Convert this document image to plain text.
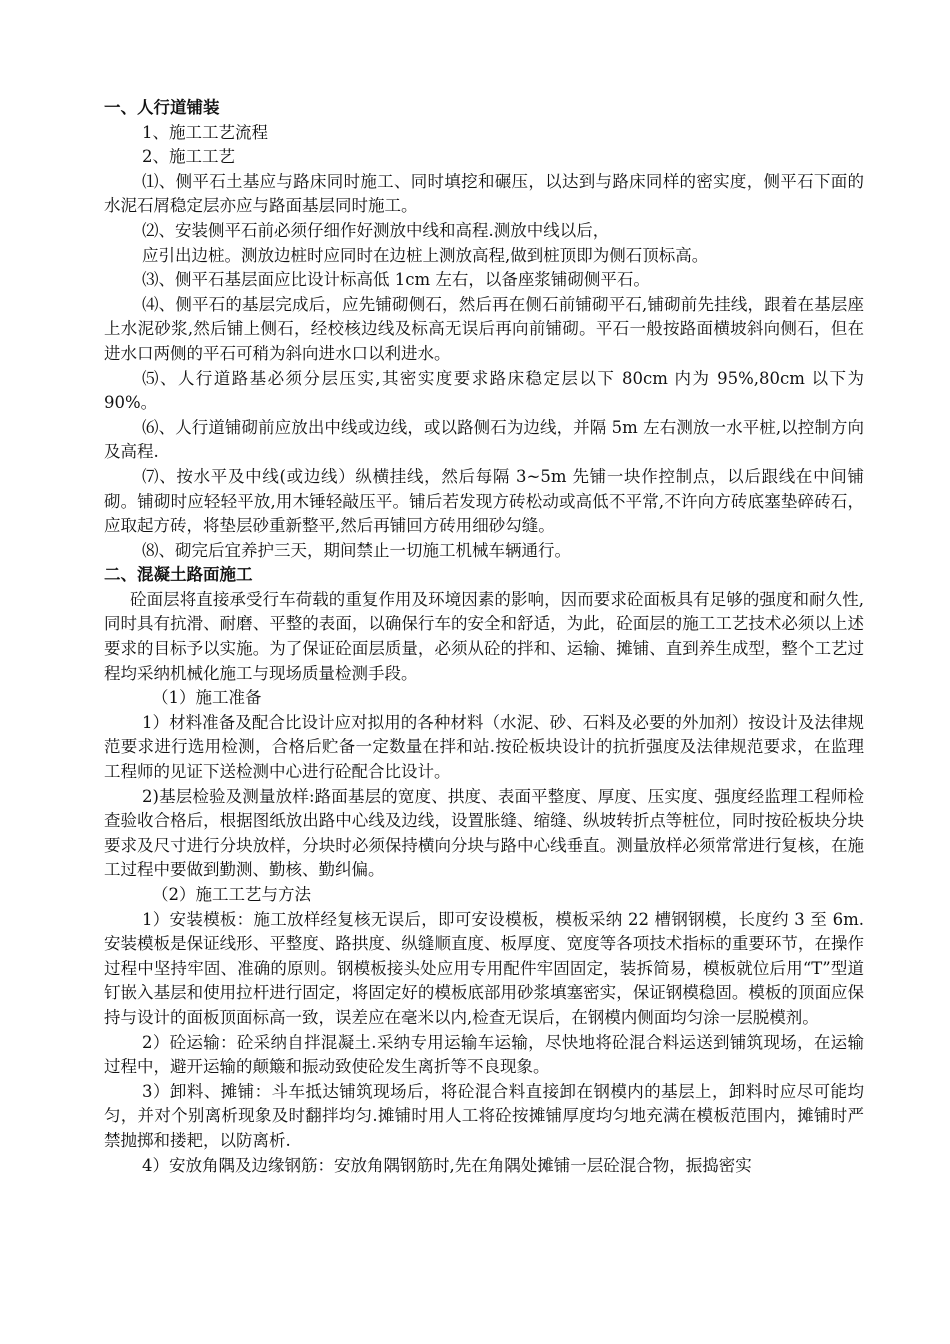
一、人行道铺装

1、施工工艺流程

2、施工工艺

⑴、侧平石土基应与路床同时施工、同时填挖和碾压，以达到与路床同样的密实度，侧平石下面的水泥石屑稳定层亦应与路面基层同时施工。

⑵、安装侧平石前必须仔细作好测放中线和高程.测放中线以后，

应引出边桩。测放边桩时应同时在边桩上测放高程,做到桩顶即为侧石顶标高。

⑶、侧平石基层面应比设计标高低 1cm 左右，以备座浆铺砌侧平石。

⑷、侧平石的基层完成后，应先铺砌侧石，然后再在侧石前铺砌平石,铺砌前先挂线，跟着在基层座上水泥砂浆,然后铺上侧石，经校核边线及标高无误后再向前铺砌。平石一般按路面横坡斜向侧石，但在进水口两侧的平石可稍为斜向进水口以利进水。

⑸、人行道路基必须分层压实,其密实度要求路床稳定层以下 80cm 内为 95%,80cm 以下为 90%。

⑹、人行道铺砌前应放出中线或边线，或以路侧石为边线，并隔 5m 左右测放一水平桩,以控制方向及高程.

⑺、按水平及中线(或边线）纵横挂线，然后每隔 3~5m 先铺一块作控制点，以后跟线在中间铺砌。铺砌时应轻轻平放,用木锤轻敲压平。铺后若发现方砖松动或高低不平常,不许向方砖底塞垫碎砖石，应取起方砖，将垫层砂重新整平,然后再铺回方砖用细砂勾缝。

⑻、砌完后宜养护三天，期间禁止一切施工机械车辆通行。

二、混凝土路面施工

砼面层将直接承受行车荷载的重复作用及环境因素的影响，因而要求砼面板具有足够的强度和耐久性,同时具有抗滑、耐磨、平整的表面，以确保行车的安全和舒适，为此，砼面层的施工工艺技术必须以上述要求的目标予以实施。为了保证砼面层质量，必须从砼的拌和、运输、摊铺、直到养生成型，整个工艺过程均采纳机械化施工与现场质量检测手段。

（1）施工准备

1）材料准备及配合比设计应对拟用的各种材料（水泥、砂、石料及必要的外加剂）按设计及法律规范要求进行选用检测，合格后贮备一定数量在拌和站.按砼板块设计的抗折强度及法律规范要求，在监理工程师的见证下送检测中心进行砼配合比设计。

2)基层检验及测量放样:路面基层的宽度、拱度、表面平整度、厚度、压实度、强度经监理工程师检查验收合格后，根据图纸放出路中心线及边线，设置胀缝、缩缝、纵坡转折点等桩位，同时按砼板块分块要求及尺寸进行分块放样，分块时必须保持横向分块与路中心线垂直。测量放样必须常常进行复核，在施工过程中要做到勤测、勤核、勤纠偏。

（2）施工工艺与方法

1）安装模板：施工放样经复核无误后，即可安设模板，模板采纳 22 槽钢钢模，长度约 3 至 6m.安装模板是保证线形、平整度、路拱度、纵缝顺直度、板厚度、宽度等各项技术指标的重要环节，在操作过程中坚持牢固、准确的原则。钢模板接头处应用专用配件牢固固定，装拆简易，模板就位后用“T”型道钉嵌入基层和使用拉杆进行固定，将固定好的模板底部用砂浆填塞密实，保证钢模稳固。模板的顶面应保持与设计的面板顶面标高一致，误差应在毫米以内,检查无误后，在钢模内侧面均匀涂一层脱模剂。

2）砼运输：砼采纳自拌混凝土.采纳专用运输车运输，尽快地将砼混合料运送到铺筑现场，在运输过程中，避开运输的颠簸和振动致使砼发生离折等不良现象。

3）卸料、摊铺：斗车抵达铺筑现场后，将砼混合料直接卸在钢模内的基层上，卸料时应尽可能均匀，并对个别离析现象及时翻拌均匀.摊铺时用人工将砼按摊铺厚度均匀地充满在模板范围内，摊铺时严禁抛掷和搂耙，以防离析.

4）安放角隅及边缘钢筋：安放角隅钢筋时,先在角隅处摊铺一层砼混合物，振捣密实
